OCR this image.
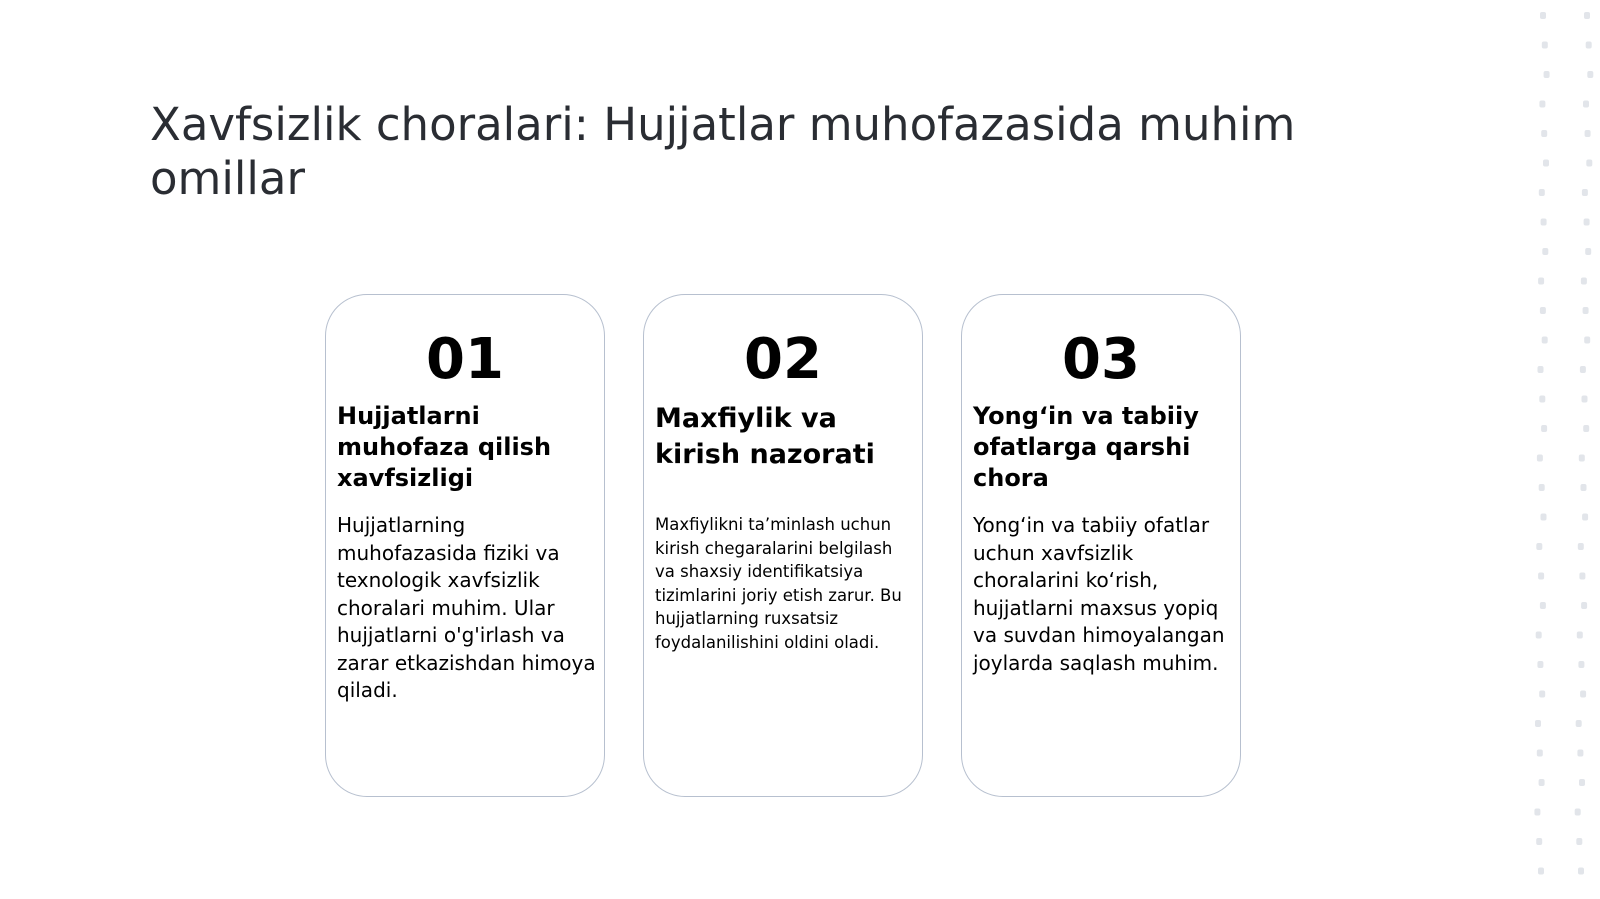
Xavfsizlik choralari: Hujjatlar muhofazasida muhim omillar
01
Hujjatlarni muhofaza qilish xavfsizligi

Hujjatlarning muhofazasida fiziki va texnologik xavfsizlik choralari muhim. Ular hujjatlarni o'g'irlash va zarar etkazishdan himoya qiladi.

02
Maxfiylik va kirish nazorati

Maxfiylikni ta’minlash uchun kirish chegaralarini belgilash va shaxsiy identifikatsiya tizimlarini joriy etish zarur. Bu hujjatlarning ruxsatsiz foydalanilishini oldini oladi.

03
Yong‘in va tabiiy ofatlarga qarshi chora

Yong‘in va tabiiy ofatlar uchun xavfsizlik choralarini ko‘rish, hujjatlarni maxsus yopiq va suvdan himoyalangan joylarda saqlash muhim.
